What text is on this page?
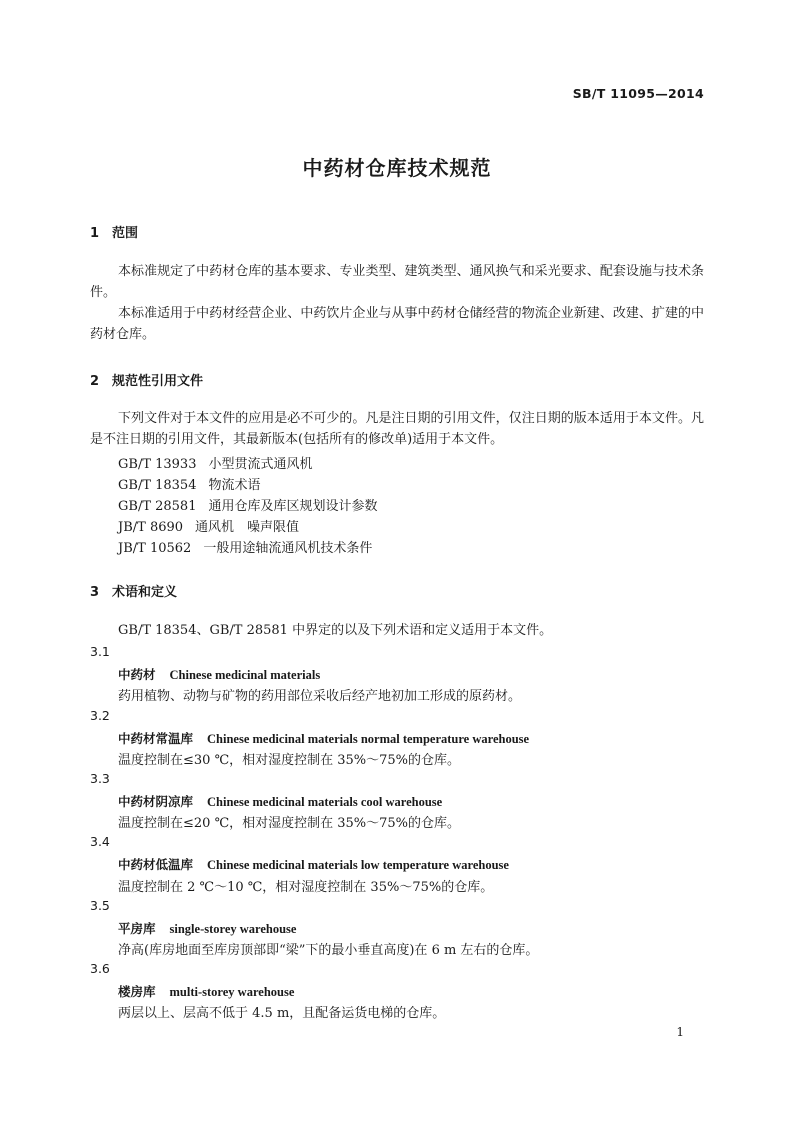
SB/T 11095—2014
中药材仓库技术规范
1 范围
本标准规定了中药材仓库的基本要求、专业类型、建筑类型、通风换气和采光要求、配套设施与技术条件。
本标准适用于中药材经营企业、中药饮片企业与从事中药材仓储经营的物流企业新建、改建、扩建的中药材仓库。
2 规范性引用文件
下列文件对于本文件的应用是必不可少的。凡是注日期的引用文件，仅注日期的版本适用于本文件。凡是不注日期的引用文件，其最新版本(包括所有的修改单)适用于本文件。
GB/T 13933 小型贯流式通风机
GB/T 18354 物流术语
GB/T 28581 通用仓库及库区规划设计参数
JB/T 8690 通风机　噪声限值
JB/T 10562 一般用途轴流通风机技术条件
3 术语和定义
GB/T 18354、GB/T 28581 中界定的以及下列术语和定义适用于本文件。
3.1
中药材 Chinese medicinal materials
药用植物、动物与矿物的药用部位采收后经产地初加工形成的原药材。
3.2
中药材常温库 Chinese medicinal materials normal temperature warehouse
温度控制在≤30 ℃，相对湿度控制在 35%～75%的仓库。
3.3
中药材阴凉库 Chinese medicinal materials cool warehouse
温度控制在≤20 ℃，相对湿度控制在 35%～75%的仓库。
3.4
中药材低温库 Chinese medicinal materials low temperature warehouse
温度控制在 2 ℃～10 ℃，相对湿度控制在 35%～75%的仓库。
3.5
平房库 single-storey warehouse
净高(库房地面至库房顶部即“梁”下的最小垂直高度)在 6 m 左右的仓库。
3.6
楼房库 multi-storey warehouse
两层以上、层高不低于 4.5 m，且配备运货电梯的仓库。
1
